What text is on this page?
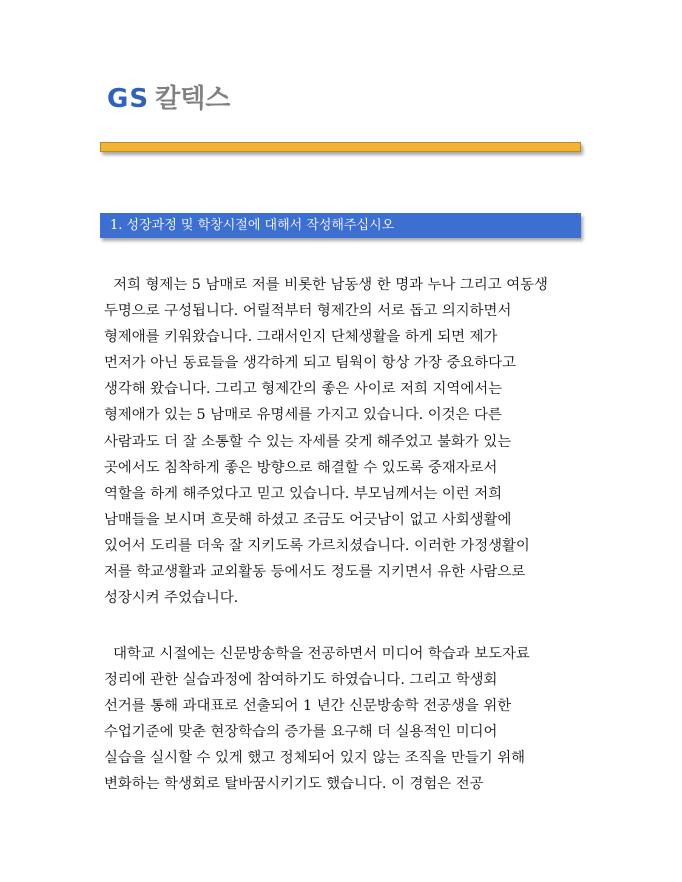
GS 칼텍스
1. 성장과정 및 학창시절에 대해서 작성해주십시오
저희 형제는 5 남매로 저를 비롯한 남동생 한 명과 누나 그리고 여동생
두명으로 구성됩니다. 어릴적부터 형제간의 서로 돕고 의지하면서
형제애를 키워왔습니다. 그래서인지 단체생활을 하게 되면 제가
먼저가 아닌 동료들을 생각하게 되고 팀웍이 항상 가장 중요하다고
생각해 왔습니다. 그리고 형제간의 좋은 사이로 저희 지역에서는
형제애가 있는 5 남매로 유명세를 가지고 있습니다. 이것은 다른
사람과도 더 잘 소통할 수 있는 자세를 갖게 해주었고 불화가 있는
곳에서도 침착하게 좋은 방향으로 해결할 수 있도록 중재자로서
역할을 하게 해주었다고 믿고 있습니다. 부모님께서는 이런 저희
남매들을 보시며 흐뭇해 하셨고 조금도 어긋남이 없고 사회생활에
있어서 도리를 더욱 잘 지키도록 가르치셨습니다. 이러한 가정생활이
저를 학교생활과 교외활동 등에서도 정도를 지키면서 유한 사람으로
성장시켜 주었습니다.
대학교 시절에는 신문방송학을 전공하면서 미디어 학습과 보도자료
정리에 관한 실습과정에 참여하기도 하였습니다. 그리고 학생회
선거를 통해 과대표로 선출되어 1 년간 신문방송학 전공생을 위한
수업기준에 맞춘 현장학습의 증가를 요구해 더 실용적인 미디어
실습을 실시할 수 있게 했고 정체되어 있지 않는 조직을 만들기 위해
변화하는 학생회로 탈바꿈시키기도 했습니다. 이 경험은 전공
